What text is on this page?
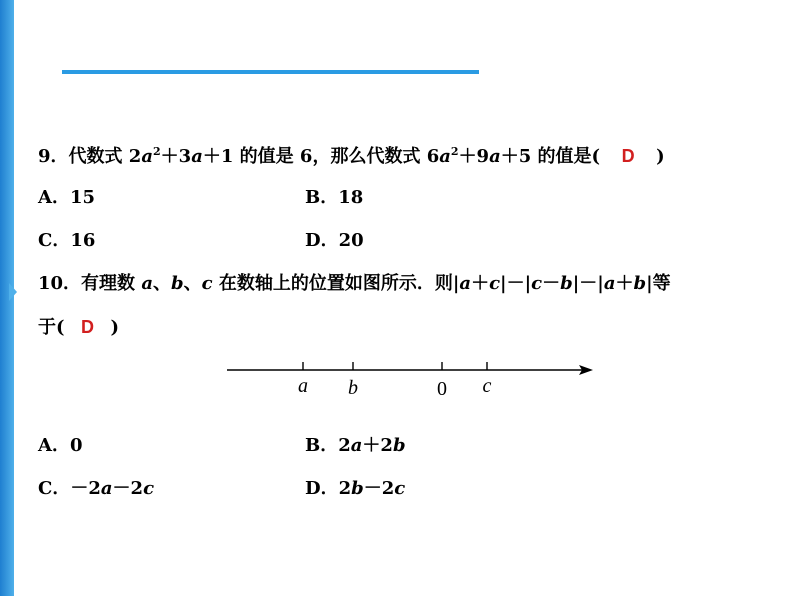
9．代数式 $2a^2+3a+1$ 的值是 6，那么代数式 $6a^2+9a+5$ 的值是( D )
A．15	B．18
C．16	D．20
10．有理数 a、b、c 在数轴上的位置如图所示．则|a＋c|－|c－b|－|a＋b|等
于( D )
a b	0 c
A．0	B．2a＋2b
C．－2a－2c	D．2b－2c
